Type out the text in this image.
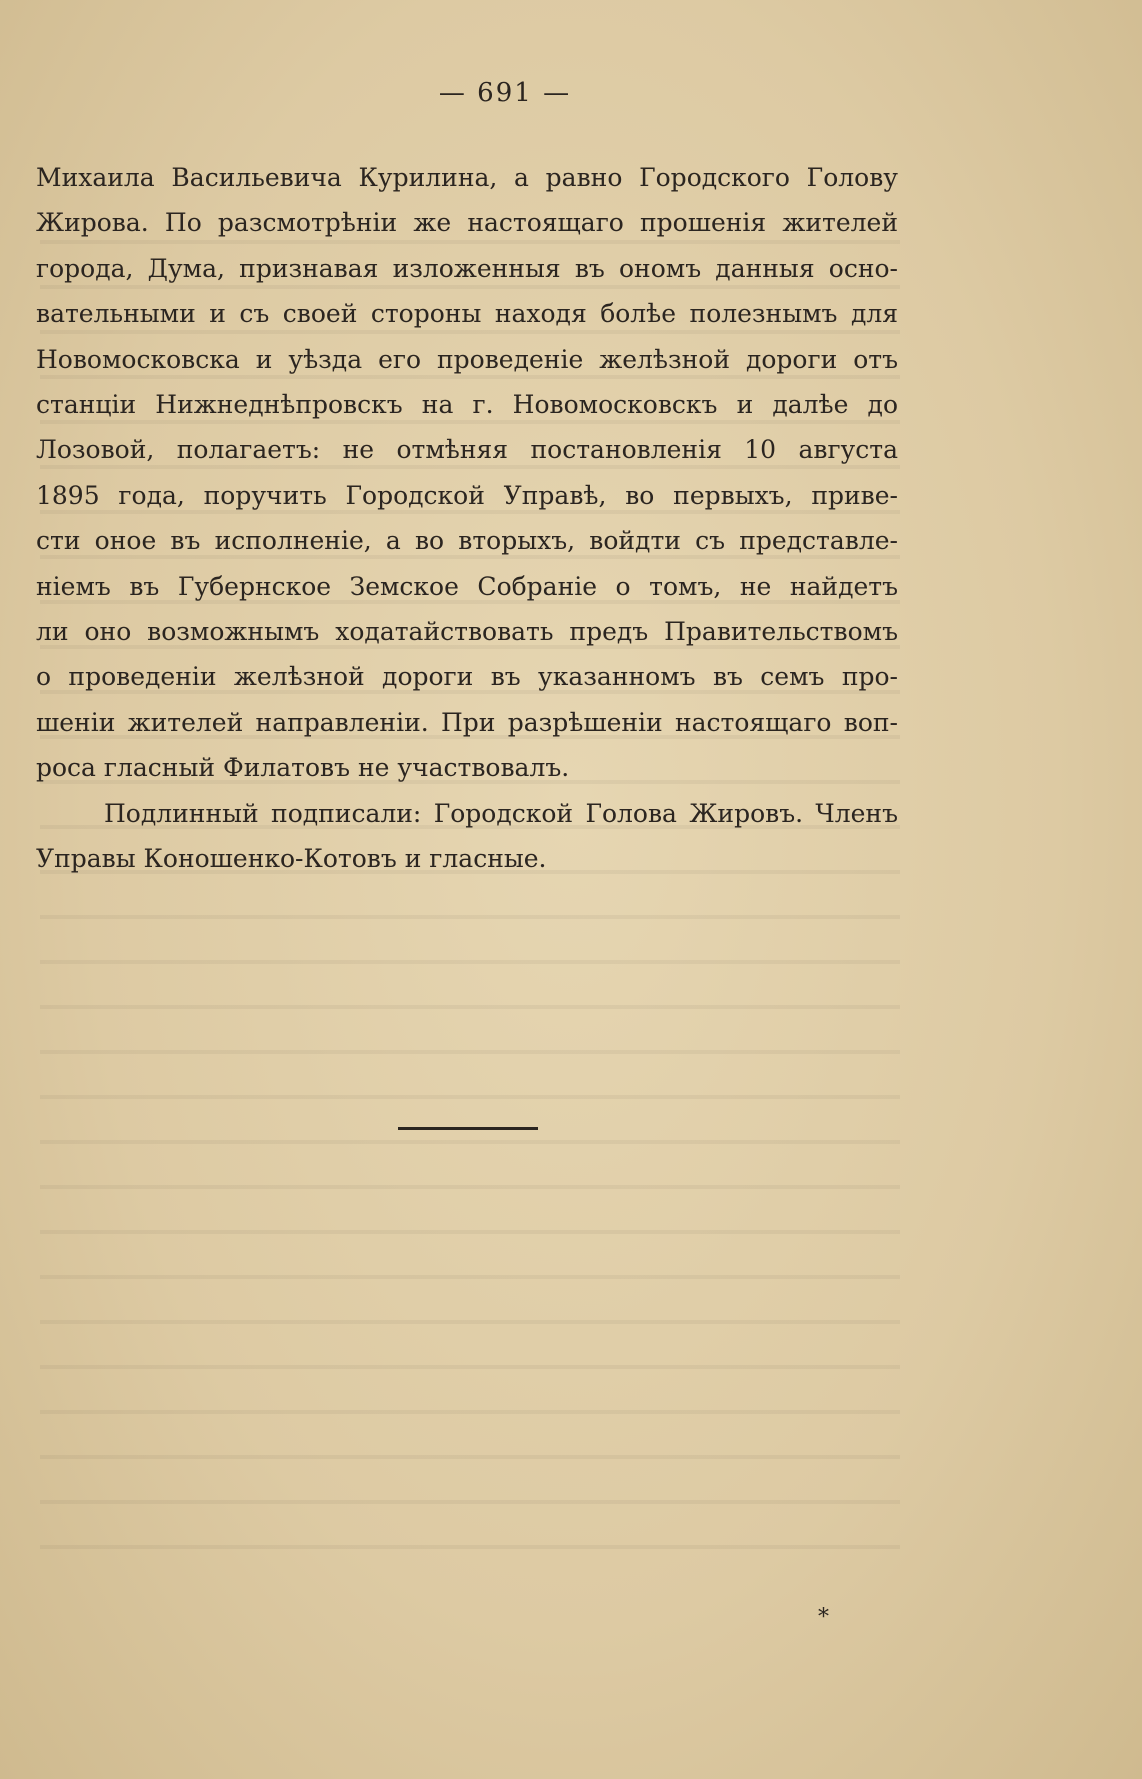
— 691 —
Михаила Васильевича Курилина, а равно Городского Голову
Жирова. По разсмотрѣніи же настоящаго прошенія жителей
города, Дума, признавая изложенныя въ ономъ данныя осно-
вательными и съ своей стороны находя болѣе полезнымъ для
Новомосковска и уѣзда его проведеніе желѣзной дороги отъ
станціи Нижнеднѣпровскъ на г. Новомосковскъ и далѣе до
Лозовой, полагаетъ: не отмѣняя постановленія 10 августа
1895 года, поручить Городской Управѣ, во первыхъ, приве-
сти оное въ исполненіе, а во вторыхъ, войдти съ представле-
ніемъ въ Губернское Земское Собраніе о томъ, не найдетъ
ли оно возможнымъ ходатайствовать предъ Правительствомъ
о проведеніи желѣзной дороги въ указанномъ въ семъ про-
шеніи жителей направленіи. При разрѣшеніи настоящаго воп-
роса гласный Филатовъ не участвовалъ.
Подлинный подписали: Городской Голова Жировъ. Членъ
Управы Коношенко-Котовъ и гласные.
*
